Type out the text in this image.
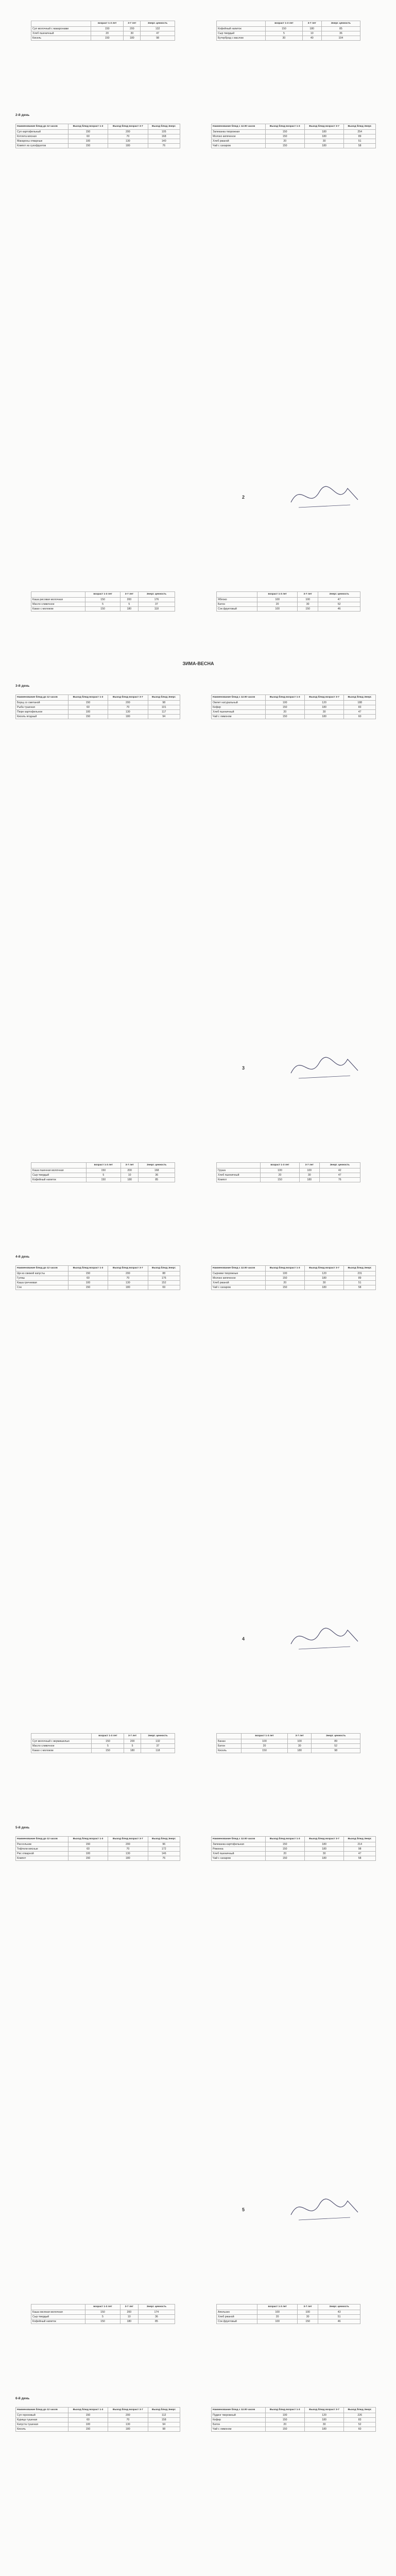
	возраст 1-3 лет	3-7 лет	Энерг. ценность
Суп молочный с макаронами	150	200	132
Хлеб пшеничный	20	30	47
Кисель	150	180	98
	возраст 1-3 лет	3-7 лет	Энерг. ценность
Кофейный напиток	150	180	85
Сыр твердый	5	10	36
Бутерброд с маслом	30	40	104
2-й день
Наименование блюд до 12 часов	Выход блюд возраст 1-3	Выход блюд возраст 3-7	Выход блюд Энерг.
Суп картофельный	150	200	105
Котлета мясная	60	70	168
Макароны отварные	100	130	140
Компот из сухофруктов	150	180	76
Наименование блюд с 12.00 часов	Выход блюд возраст 1-3	Выход блюд возраст 3-7	Выход блюд Энерг.
Запеканка творожная	150	180	254
Молоко кипяченое	150	180	89
Хлеб ржаной	20	30	51
Чай с сахаром	150	180	58
2
	возраст 1-3 лет	3-7 лет	Энерг. ценность
Каша рисовая молочная	150	200	176
Масло сливочное	5	5	37
Какао с молоком	150	180	118
	возраст 1-3 лет	3-7 лет	Энерг. ценность
Яблоко	100	100	47
Батон	20	30	52
Сок фруктовый	100	150	46
ЗИМА-ВЕСНА
3-й день
Наименование блюд до 12 часов	Выход блюд возраст 1-3	Выход блюд возраст 3-7	Выход блюд Энерг.
Борщ со сметаной	150	200	98
Рыба тушеная	60	70	101
Пюре картофельное	100	130	117
Кисель ягодный	150	180	94
Наименование блюд с 12.00 часов	Выход блюд возраст 1-3	Выход блюд возраст 3-7	Выход блюд Энерг.
Омлет натуральный	100	120	188
Кефир	150	180	83
Хлеб пшеничный	20	30	47
Чай с лимоном	150	180	60
3
	возраст 1-3 лет	3-7 лет	Энерг. ценность
Каша пшенная молочная	150	200	168
Сыр твердый	5	10	36
Кофейный напиток	150	180	85
	возраст 1-3 лет	3-7 лет	Энерг. ценность
Груша	100	100	42
Хлеб пшеничный	20	30	47
Компот	150	180	76
4-й день
Наименование блюд до 12 часов	Выход блюд возраст 1-3	Выход блюд возраст 3-7	Выход блюд Энерг.
Щи из свежей капусты	150	200	88
Гуляш	60	70	176
Каша гречневая	100	130	152
Сок	150	180	69
Наименование блюд с 12.00 часов	Выход блюд возраст 1-3	Выход блюд возраст 3-7	Выход блюд Энерг.
Сырники творожные	100	120	231
Молоко кипяченое	150	180	89
Хлеб ржаной	20	30	51
Чай с сахаром	150	180	58
4
	возраст 1-3 лет	3-7 лет	Энерг. ценность
Суп молочный с вермишелью	150	200	132
Масло сливочное	5	5	37
Какао с молоком	150	180	118
	возраст 1-3 лет	3-7 лет	Энерг. ценность
Банан	100	100	89
Батон	20	30	52
Кисель	150	180	98
5-й день
Наименование блюд до 12 часов	Выход блюд возраст 1-3	Выход блюд возраст 3-7	Выход блюд Энерг.
Рассольник	150	200	96
Тефтели мясные	60	70	172
Рис отварной	100	130	146
Компот	150	180	76
Наименование блюд с 12.00 часов	Выход блюд возраст 1-3	Выход блюд возраст 3-7	Выход блюд Энерг.
Запеканка картофельная	150	180	214
Ряженка	150	180	98
Хлеб пшеничный	20	30	47
Чай с сахаром	150	180	58
5
	возраст 1-3 лет	3-7 лет	Энерг. ценность
Каша овсяная молочная	150	200	174
Сыр твердый	5	10	36
Кофейный напиток	150	180	85
	возраст 1-3 лет	3-7 лет	Энерг. ценность
Апельсин	100	100	43
Хлеб ржаной	20	30	51
Сок фруктовый	100	150	46
6-й день
Наименование блюд до 12 часов	Выход блюд возраст 1-3	Выход блюд возраст 3-7	Выход блюд Энерг.
Суп гороховый	150	200	112
Курица тушеная	60	70	158
Капуста тушеная	100	130	94
Кисель	150	180	98
Наименование блюд с 12.00 часов	Выход блюд возраст 1-3	Выход блюд возраст 3-7	Выход блюд Энерг.
Пудинг творожный	100	120	226
Кефир	150	180	83
Батон	20	30	52
Чай с лимоном	150	180	60
